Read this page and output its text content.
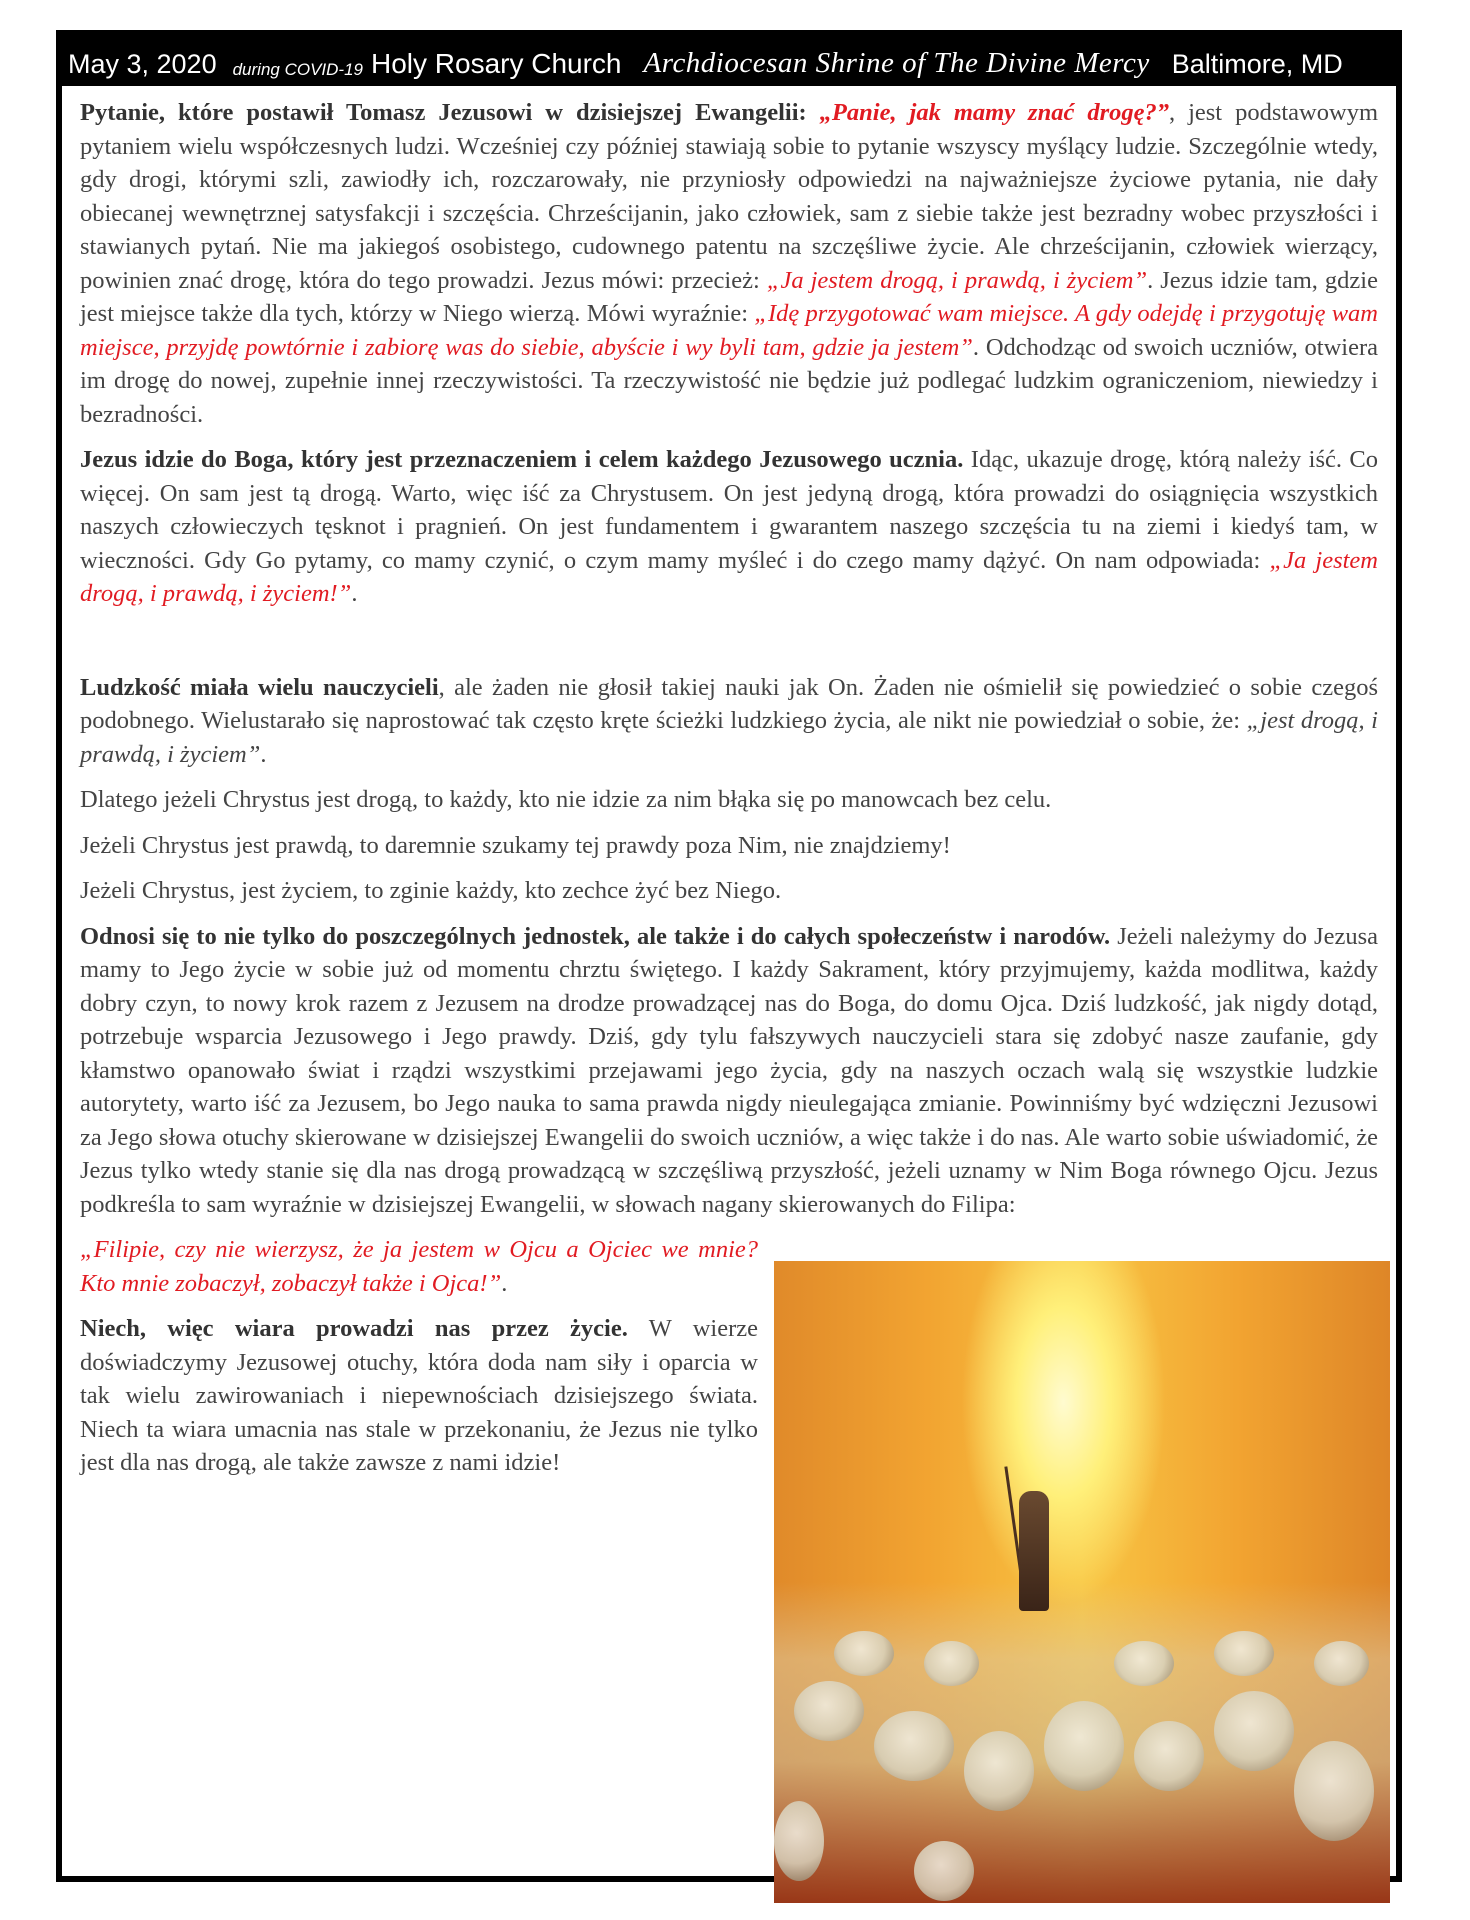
May 3, 2020 during COVID-19 Holy Rosary Church Archdiocesan Shrine of The Divine Mercy Baltimore, MD

Pytanie, które postawił Tomasz Jezusowi w dzisiejszej Ewangelii: „Panie, jak mamy znać drogę?”, jest podstawowym pytaniem wielu współczesnych ludzi. Wcześniej czy później stawiają sobie to pytanie wszyscy myślący ludzie. Szczególnie wtedy, gdy drogi, którymi szli, zawiodły ich, rozczarowały, nie przyniosły odpowiedzi na najważniejsze życiowe pytania, nie dały obiecanej wewnętrznej satysfakcji i szczęścia. Chrześcijanin, jako człowiek, sam z siebie także jest bezradny wobec przyszłości i stawianych pytań. Nie ma jakiegoś osobistego, cudownego patentu na szczęśliwe życie. Ale chrześcijanin, człowiek wierzący, powinien znać drogę, która do tego prowadzi. Jezus mówi: przecież: „Ja jestem drogą, i prawdą, i życiem”. Jezus idzie tam, gdzie jest miejsce także dla tych, którzy w Niego wierzą. Mówi wyraźnie: „Idę przygotować wam miejsce. A gdy odejdę i przygotuję wam miejsce, przyjdę powtórnie i zabiorę was do siebie, abyście i wy byli tam, gdzie ja jestem”. Odchodząc od swoich uczniów, otwiera im drogę do nowej, zupełnie innej rzeczywistości. Ta rzeczywistość nie będzie już podlegać ludzkim ograniczeniom, niewiedzy i bezradności.

Jezus idzie do Boga, który jest przeznaczeniem i celem każdego Jezusowego ucznia. Idąc, ukazuje drogę, którą należy iść. Co więcej. On sam jest tą drogą. Warto, więc iść za Chrystusem. On jest jedyną drogą, która prowadzi do osiągnięcia wszystkich naszych człowieczych tęsknot i pragnień. On jest fundamentem i gwarantem naszego szczęścia tu na ziemi i kiedyś tam, w wieczności. Gdy Go pytamy, co mamy czynić, o czym mamy myśleć i do czego mamy dążyć. On nam odpowiada: „Ja jestem drogą, i prawdą, i życiem!”.

Ludzkość miała wielu nauczycieli, ale żaden nie głosił takiej nauki jak On. Żaden nie ośmielił się powiedzieć o sobie czegoś podobnego. Wielustarało się naprostować tak często kręte ścieżki ludzkiego życia, ale nikt nie powiedział o sobie, że: „jest drogą, i prawdą, i życiem”.

Dlatego jeżeli Chrystus jest drogą, to każdy, kto nie idzie za nim błąka się po manowcach bez celu.

Jeżeli Chrystus jest prawdą, to daremnie szukamy tej prawdy poza Nim, nie znajdziemy!

Jeżeli Chrystus, jest życiem, to zginie każdy, kto zechce żyć bez Niego.

Odnosi się to nie tylko do poszczególnych jednostek, ale także i do całych społeczeństw i narodów. Jeżeli należymy do Jezusa mamy to Jego życie w sobie już od momentu chrztu świętego. I każdy Sakrament, który przyjmujemy, każda modlitwa, każdy dobry czyn, to nowy krok razem z Jezusem na drodze prowadzącej nas do Boga, do domu Ojca. Dziś ludzkość, jak nigdy dotąd, potrzebuje wsparcia Jezusowego i Jego prawdy. Dziś, gdy tylu fałszywych nauczycieli stara się zdobyć nasze zaufanie, gdy kłamstwo opanowało świat i rządzi wszystkimi przejawami jego życia, gdy na naszych oczach walą się wszystkie ludzkie autorytety, warto iść za Jezusem, bo Jego nauka to sama prawda nigdy nieulegająca zmianie. Powinniśmy być wdzięczni Jezusowi za Jego słowa otuchy skierowane w dzisiejszej Ewangelii do swoich uczniów, a więc także i do nas. Ale warto sobie uświadomić, że Jezus tylko wtedy stanie się dla nas drogą prowadzącą w szczęśliwą przyszłość, jeżeli uznamy w Nim Boga równego Ojcu. Jezus podkreśla to sam wyraźnie w dzisiejszej Ewangelii, w słowach nagany skierowanych do Filipa:

„Filipie, czy nie wierzysz, że ja jestem w Ojcu a Ojciec we mnie? Kto mnie zobaczył, zobaczył także i Ojca!”.

Niech, więc wiara prowadzi nas przez życie. W wierze doświadczymy Jezusowej otuchy, która doda nam siły i oparcia w tak wielu zawirowaniach i niepewnościach dzisiejszego świata. Niech ta wiara umacnia nas stale w przekonaniu, że Jezus nie tylko jest dla nas drogą, ale także zawsze z nami idzie!
